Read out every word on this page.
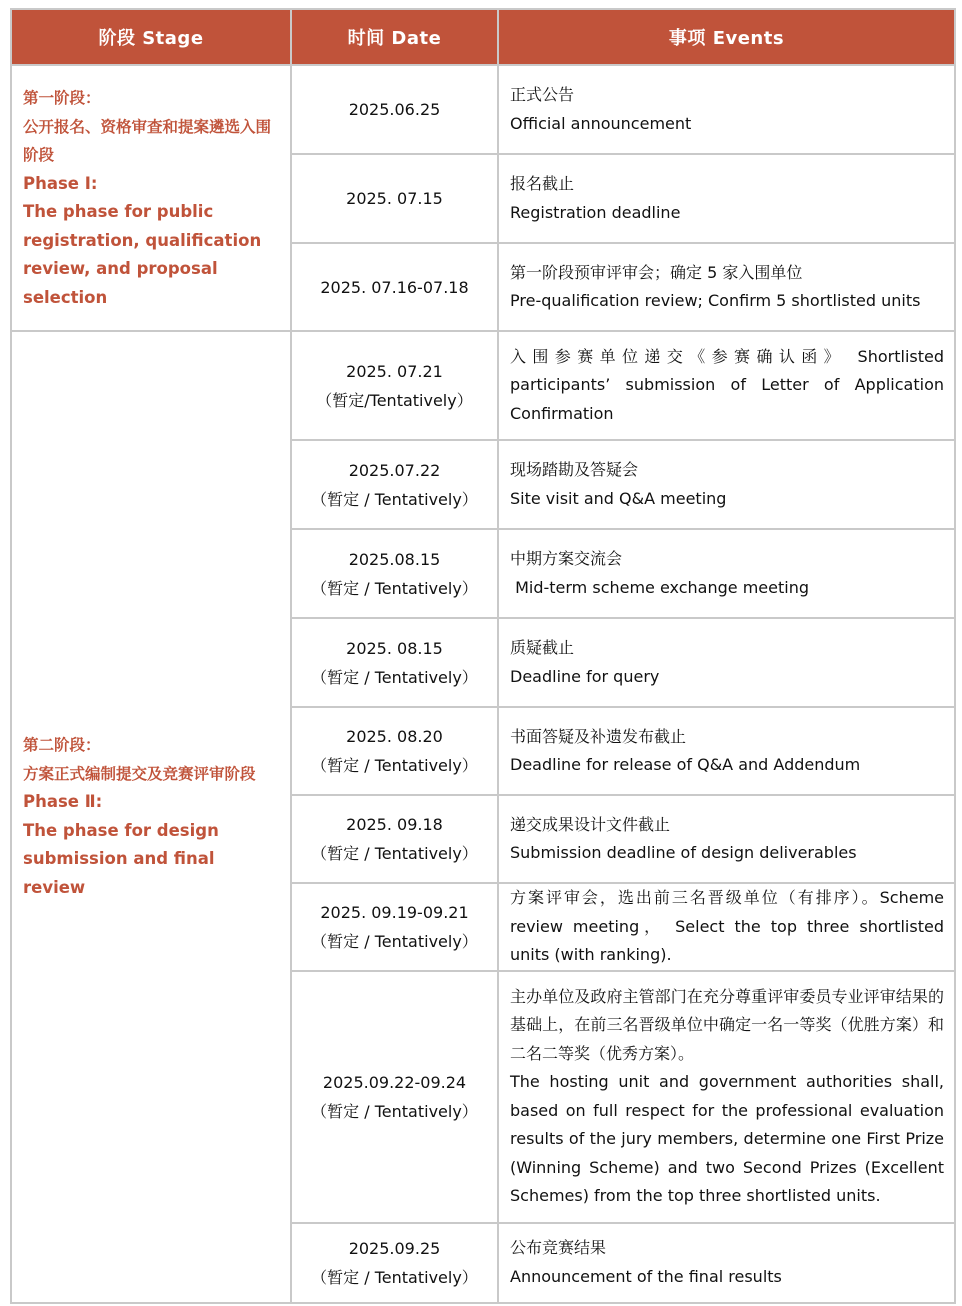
阶段 Stage	时间 Date	事项 Events

第一阶段：
公开报名、资格审查和提案遴选入围阶段
Phase I:
The phase for public registration, qualification review, and proposal selection	2025.06.25	正式公告
Official announcement

	2025. 07.15	报名截止
Registration deadline

	2025. 07.16-07.18	第一阶段预审评审会；确定 5 家入围单位
Pre-qualification review; Confirm 5 shortlisted units

第二阶段：
方案正式编制提交及竞赛评审阶段
Phase Ⅱ:
The phase for design submission and final review	2025. 07.21
（暂定/Tentatively）	入围参赛单位递交《参赛确认函》 Shortlisted participants’ submission of Letter of Application Confirmation

	2025.07.22
（暂定 / Tentatively）	现场踏勘及答疑会
Site visit and Q&A meeting

	2025.08.15
（暂定 / Tentatively）	中期方案交流会
Mid-term scheme exchange meeting

	2025. 08.15
（暂定 / Tentatively）	质疑截止
Deadline for query

	2025. 08.20
（暂定 / Tentatively）	书面答疑及补遗发布截止
Deadline for release of Q&A and Addendum

	2025. 09.18
（暂定 / Tentatively）	递交成果设计文件截止
Submission deadline of design deliverables

	2025. 09.19-09.21
（暂定 / Tentatively）	方案评审会，选出前三名晋级单位（有排序）。Scheme review meeting， Select the top three shortlisted units (with ranking).

	2025.09.22-09.24
（暂定 / Tentatively）	主办单位及政府主管部门在充分尊重评审委员专业评审结果的基础上，在前三名晋级单位中确定一名一等奖（优胜方案）和二名二等奖（优秀方案）。
The hosting unit and government authorities shall, based on full respect for the professional evaluation results of the jury members, determine one First Prize (Winning Scheme) and two Second Prizes (Excellent Schemes) from the top three shortlisted units.

	2025.09.25
（暂定 / Tentatively）	公布竞赛结果
Announcement of the final results
